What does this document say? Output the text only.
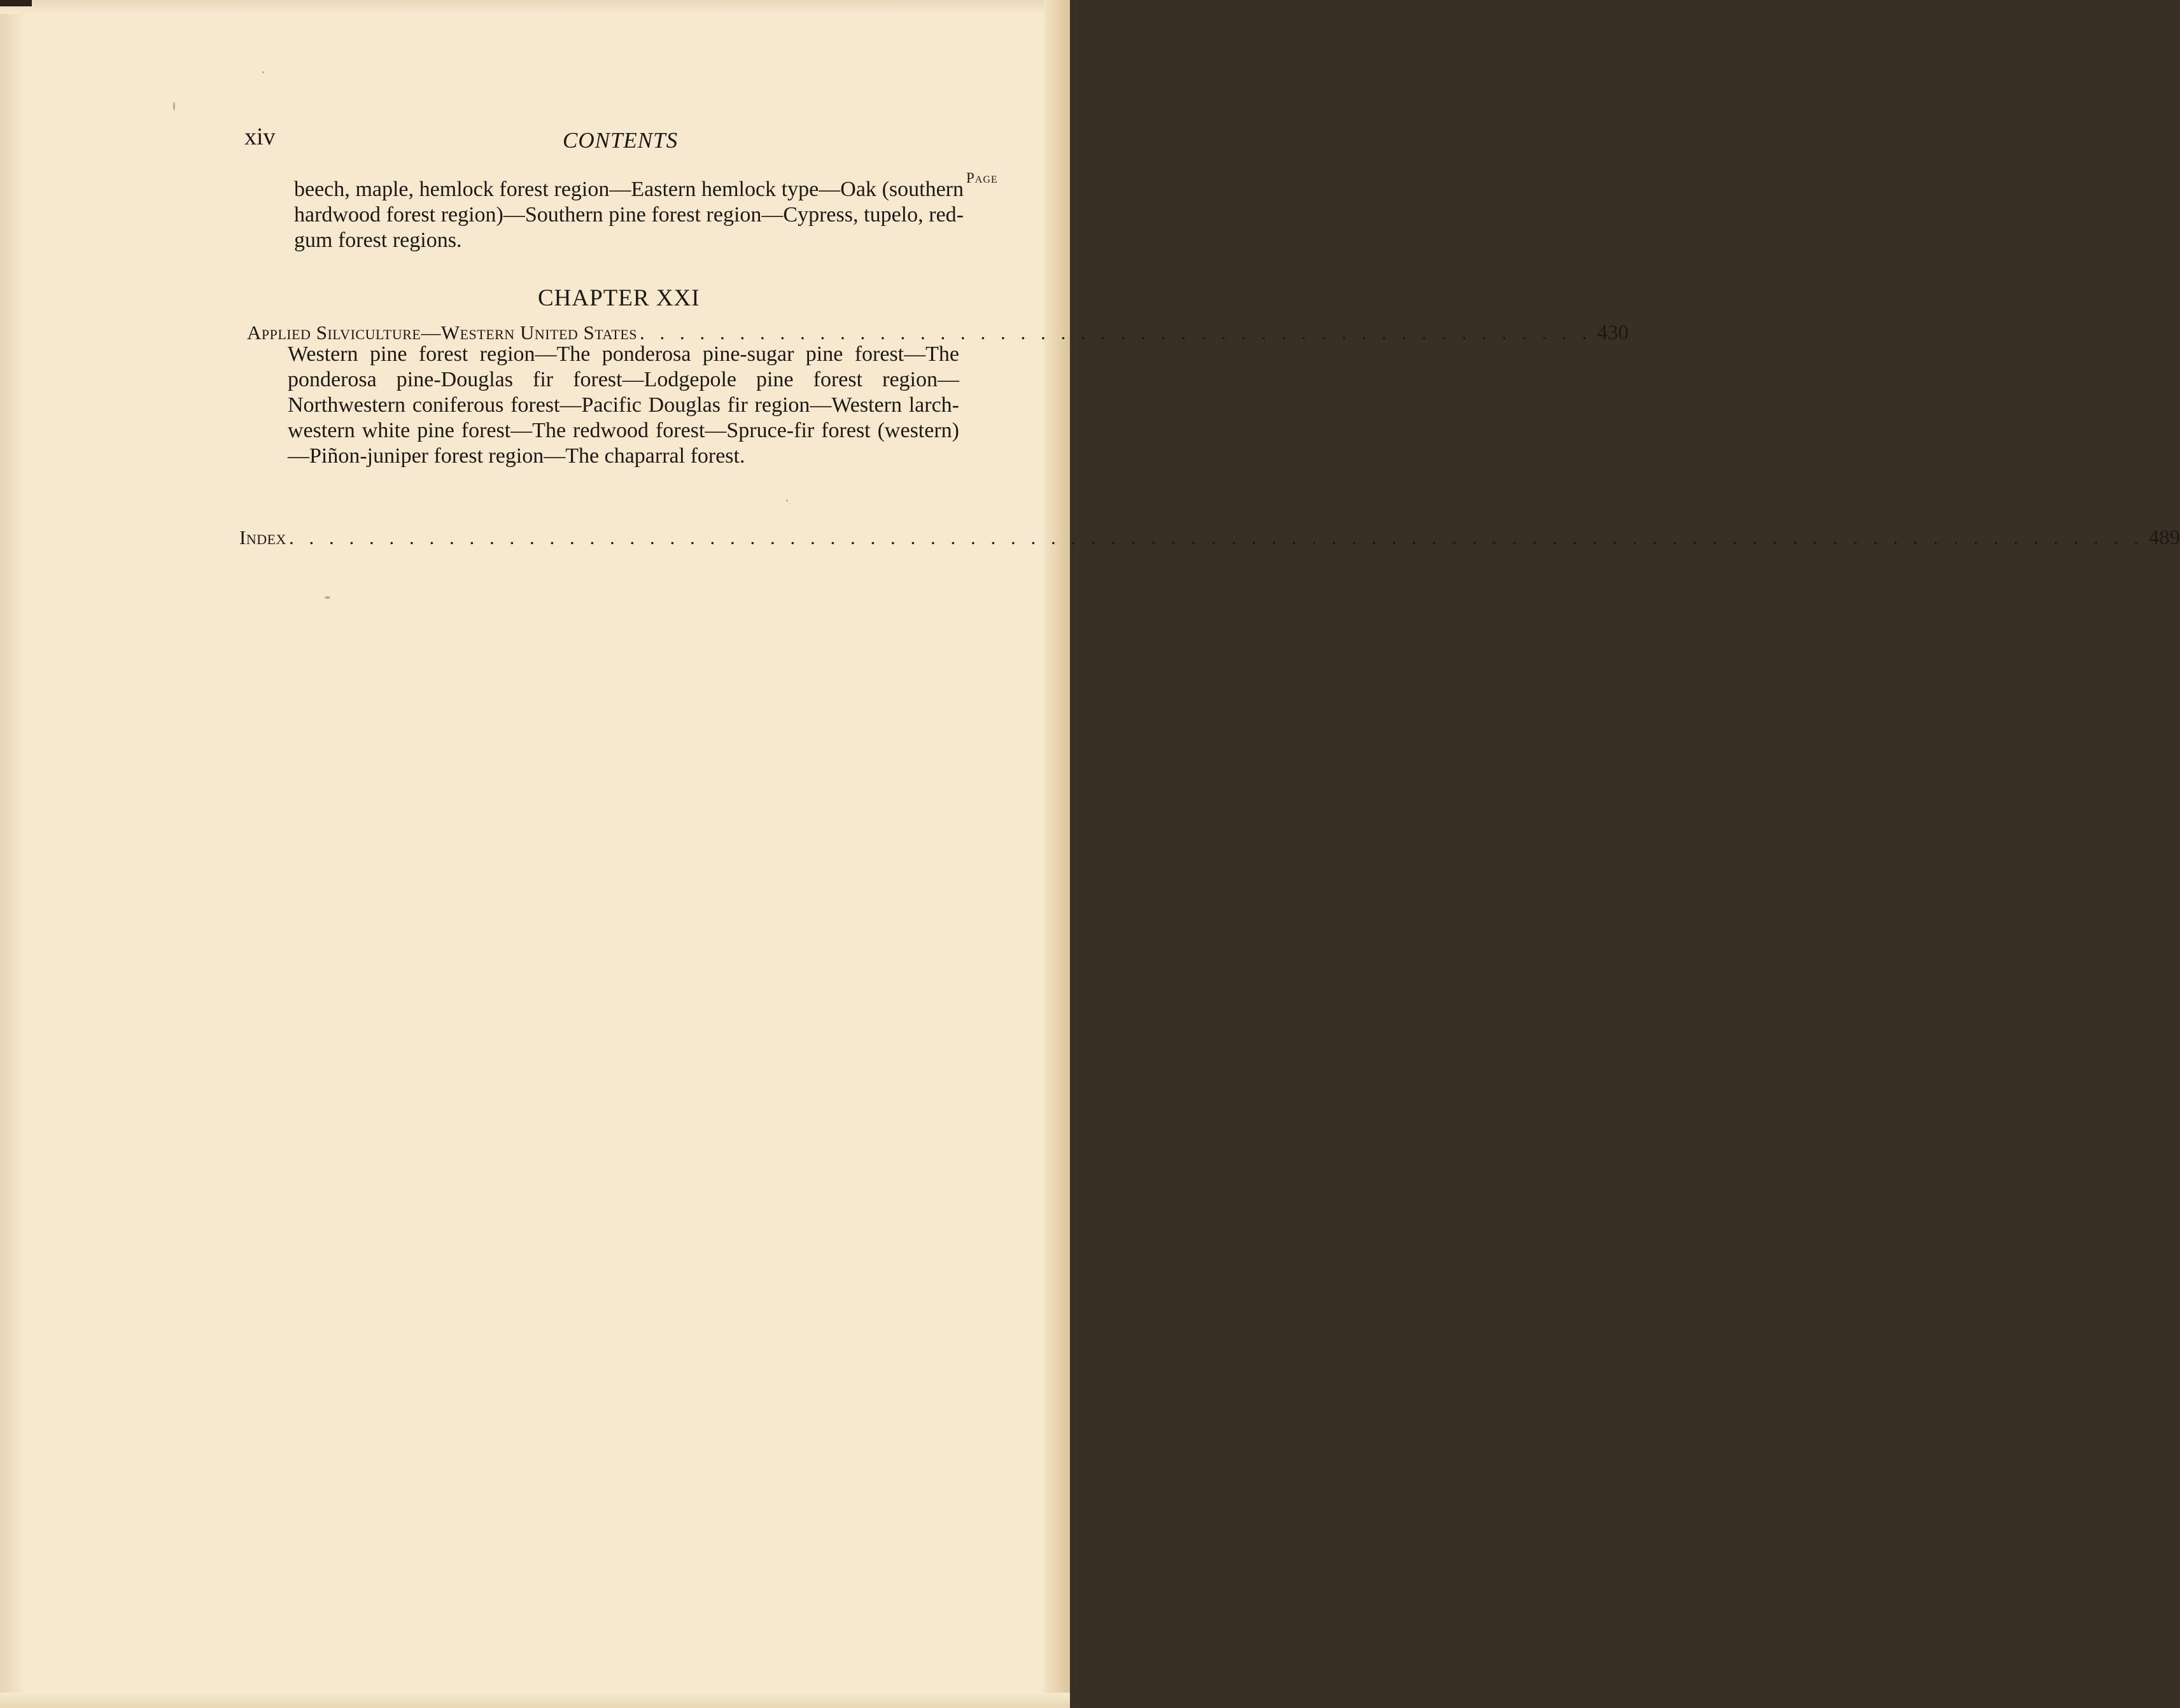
xiv	CONTENTS
Page
beech, maple, hemlock forest region—Eastern hemlock type—Oak (southern hardwood forest region)—Southern pine forest region—Cypress, tupelo, red-gum forest regions.
CHAPTER XXI
Applied Silviculture—Western United States . . . . . . . . . . . . . . . . . . . . . . . . . . . . . . . . . . . . . . . . . . . . . . . . 430
Western pine forest region—The ponderosa pine-sugar pine forest—The ponderosa pine-Douglas fir forest—Lodgepole pine forest region—Northwestern coniferous forest—Pacific Douglas fir region—Western larch-western white pine forest—The redwood forest—Spruce-fir forest (western)—Piñon-juniper forest region—The chaparral forest.
Index . . . . . . . . . . . . . . . . . . . . . . . . . . . . . . . . . . . . . . . . . . . . . . . . . . . . . . . . . . . . . . . . . . . . . . . . . . . . . . . . . . . . . . . . . . . . . 489
